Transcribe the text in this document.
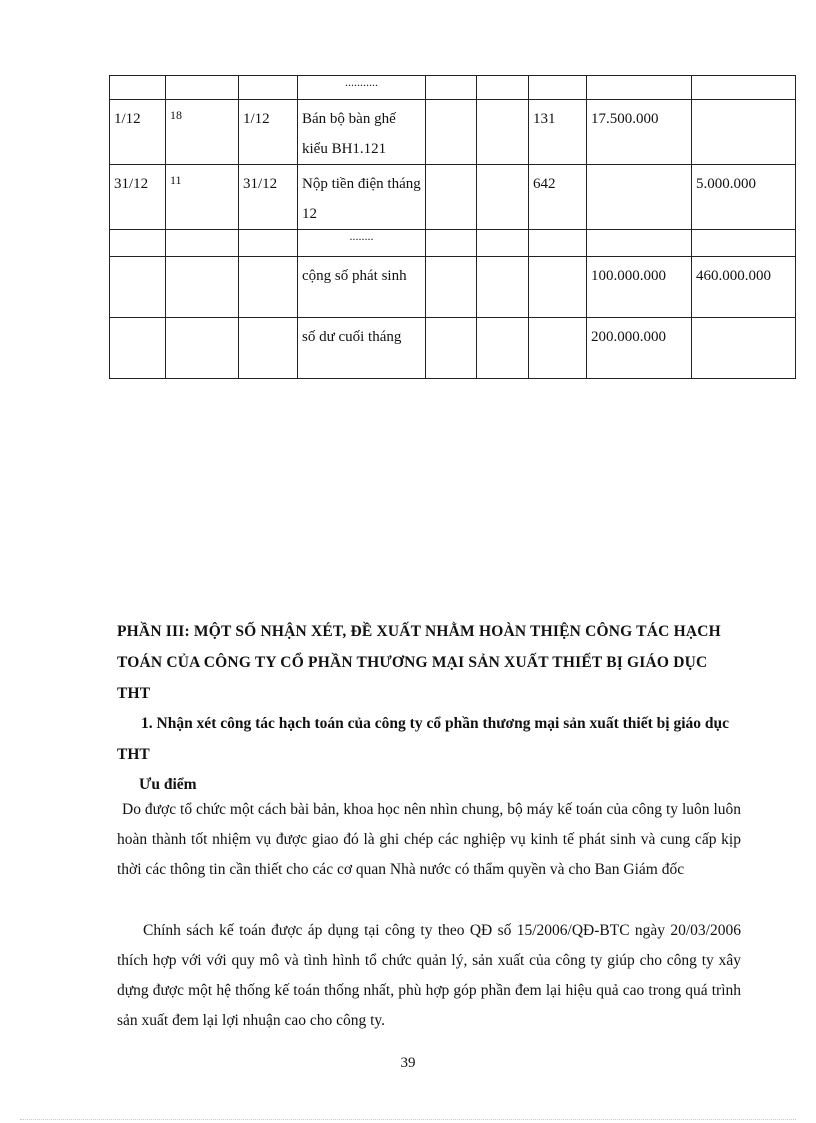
			...........					
1/12	18	1/12	Bán bộ bàn ghế kiểu BH1.121			131	17.500.000	
31/12	11	31/12	Nộp tiền điện tháng 12			642		5.000.000
			........					
			cộng số phát sinh				100.000.000	460.000.000
			số dư cuối tháng				200.000.000	
PHẦN III: MỘT SỐ NHẬN XÉT, ĐỀ XUẤT NHẰM HOÀN THIỆN CÔNG TÁC HẠCH TOÁN CỦA CÔNG TY CỔ PHẦN THƯƠNG MẠI SẢN XUẤT THIẾT BỊ GIÁO DỤC THT
1. Nhận xét công tác hạch toán của công ty cổ phần thương mại sản xuất thiết bị giáo dục THT
Ưu điểm
Do được tổ chức một cách bài bản, khoa học nên nhìn chung, bộ máy kế toán của công ty luôn luôn hoàn thành tốt nhiệm vụ được giao đó là ghi chép các nghiệp vụ kinh tế phát sinh và cung cấp kịp thời các thông tin cần thiết cho các cơ quan Nhà nước có thẩm quyền và cho Ban Giám đốc
Chính sách kế toán được áp dụng tại công ty theo QĐ số 15/2006/QĐ-BTC ngày 20/03/2006 thích hợp với với quy mô và tình hình tổ chức quản lý, sản xuất của công ty giúp cho công ty xây dựng được một hệ thống kế toán thống nhất, phù hợp góp phần đem lại hiệu quả cao trong quá trình sản xuất đem lại lợi nhuận cao cho công ty.
39
